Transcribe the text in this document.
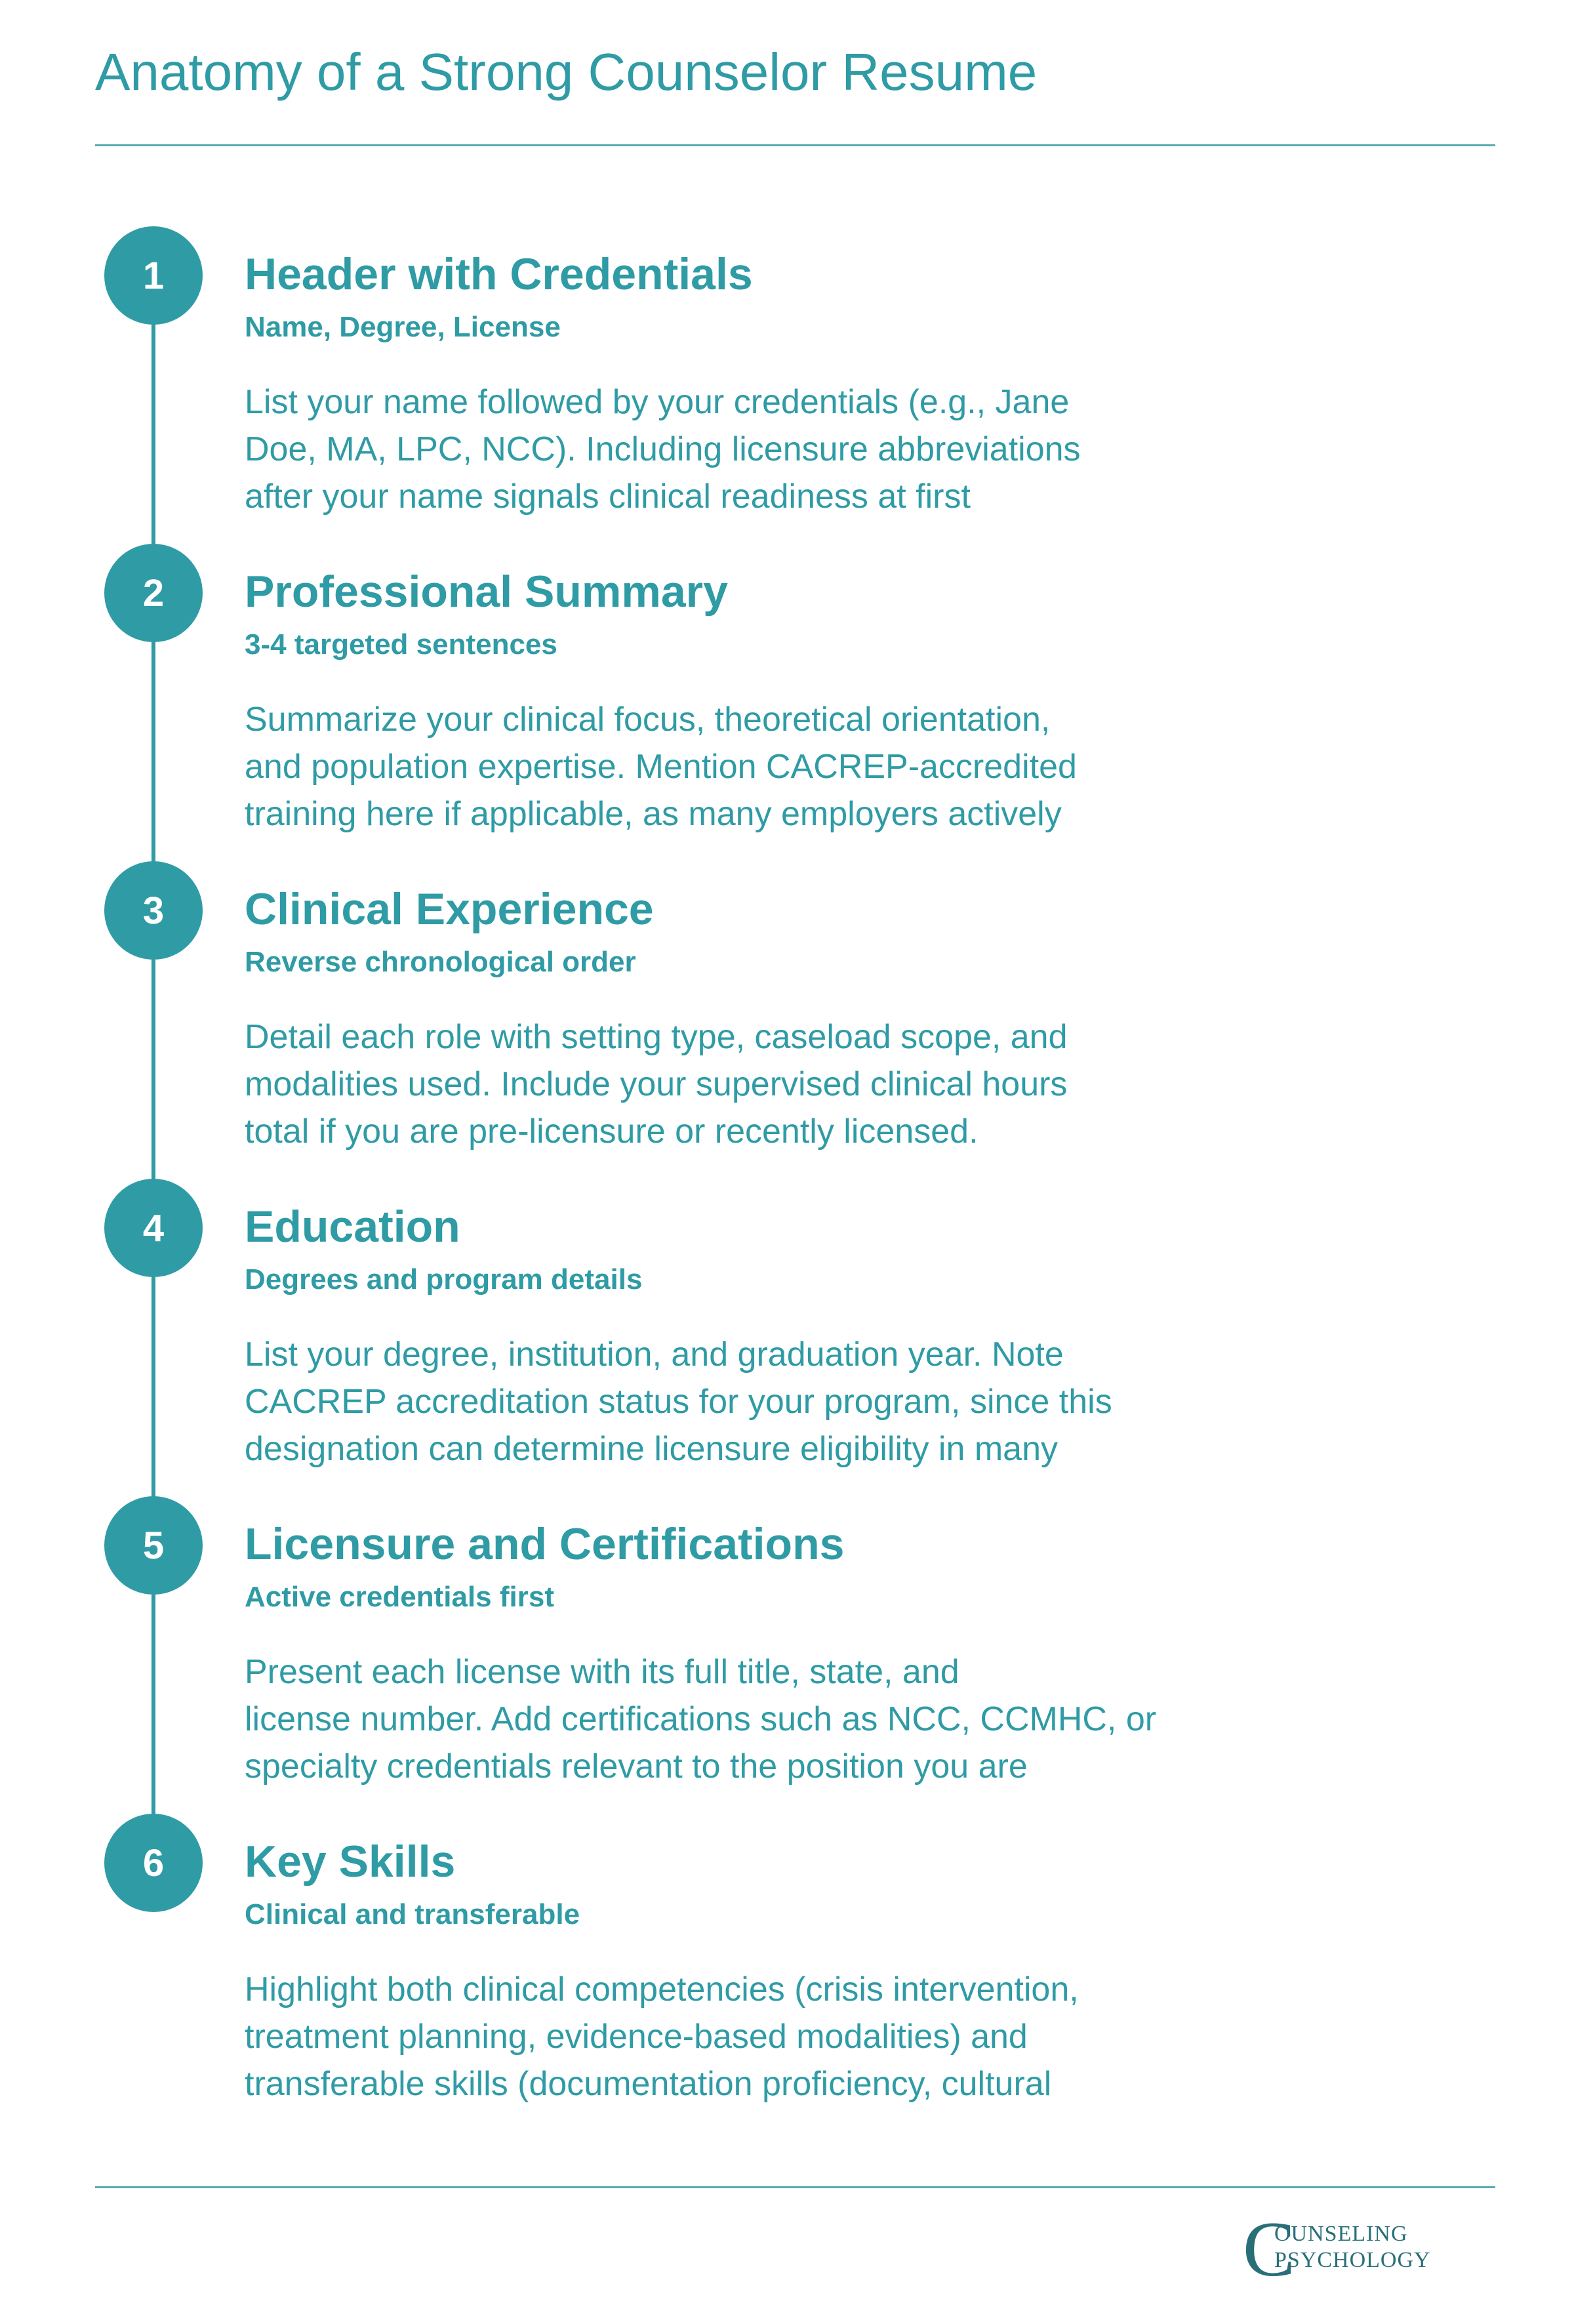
Anatomy of a Strong Counselor Resume
1	Header with Credentials
Name, Degree, License

List your name followed by your credentials (e.g., Jane
Doe, MA, LPC, NCC). Including licensure abbreviations
after your name signals clinical readiness at first

2	Professional Summary
3-4 targeted sentences

Summarize your clinical focus, theoretical orientation,
and population expertise. Mention CACREP-accredited
training here if applicable, as many employers actively

3	Clinical Experience
Reverse chronological order

Detail each role with setting type, caseload scope, and
modalities used. Include your supervised clinical hours
total if you are pre-licensure or recently licensed.

4	Education
Degrees and program details

List your degree, institution, and graduation year. Note
CACREP accreditation status for your program, since this
designation can determine licensure eligibility in many

5	Licensure and Certifications
Active credentials first

Present each license with its full title, state, and
license number. Add certifications such as NCC, CCMHC, or
specialty credentials relevant to the position you are

6	Key Skills
Clinical and transferable

Highlight both clinical competencies (crisis intervention,
treatment planning, evidence-based modalities) and
transferable skills (documentation proficiency, cultural

C
OUNSELING
PSYCHOLOGY
